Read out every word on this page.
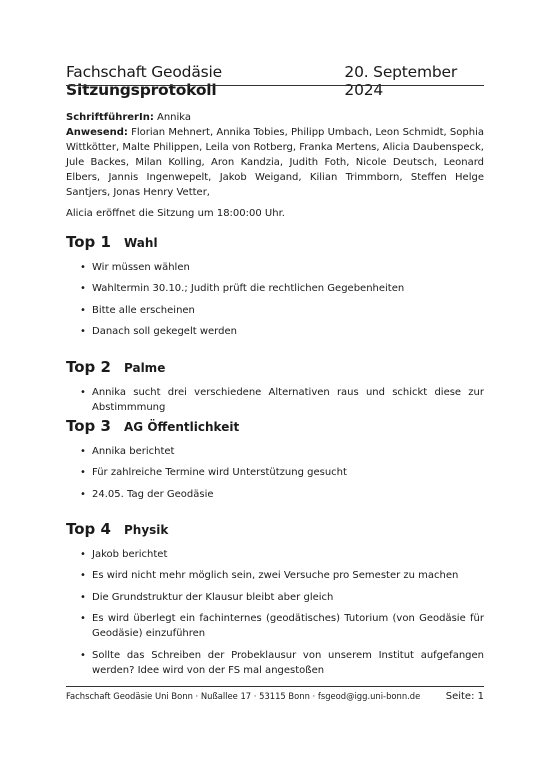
Fachschaft Geodäsie Sitzungsprotokoll
20. September 2024
SchriftführerIn: Annika
Anwesend: Florian Mehnert, Annika Tobies, Philipp Umbach, Leon Schmidt, Sophia Wittkötter, Malte Philippen, Leila von Rotberg, Franka Mertens, Alicia Daubenspeck, Jule Backes, Milan Kolling, Aron Kandzia, Judith Foth, Nicole Deutsch, Leonard Elbers, Jannis Ingenwepelt, Jakob Weigand, Kilian Trimmborn, Steffen Helge Santjers, Jonas Henry Vetter,
Alicia eröffnet die Sitzung um 18:00:00 Uhr.
Top 1	Wahl
• Wir müssen wählen
• Wahltermin 30.10.; Judith prüft die rechtlichen Gegebenheiten
• Bitte alle erscheinen
• Danach soll gekegelt werden
Top 2	Palme
• Annika sucht drei verschiedene Alternativen raus und schickt diese zur Abstimmmung
Top 3	AG Öffentlichkeit
• Annika berichtet
• Für zahlreiche Termine wird Unterstützung gesucht
• 24.05. Tag der Geodäsie
Top 4	Physik
• Jakob berichtet
• Es wird nicht mehr möglich sein, zwei Versuche pro Semester zu machen
• Die Grundstruktur der Klausur bleibt aber gleich
• Es wird überlegt ein fachinternes (geodätisches) Tutorium (von Geodäsie für Geodäsie) einzuführen
• Sollte das Schreiben der Probeklausur von unserem Institut aufgefangen werden? Idee wird von der FS mal angestoßen
Fachschaft Geodäsie Uni Bonn · Nußallee 17 · 53115 Bonn · fsgeod@igg.uni-bonn.de	Seite: 1
